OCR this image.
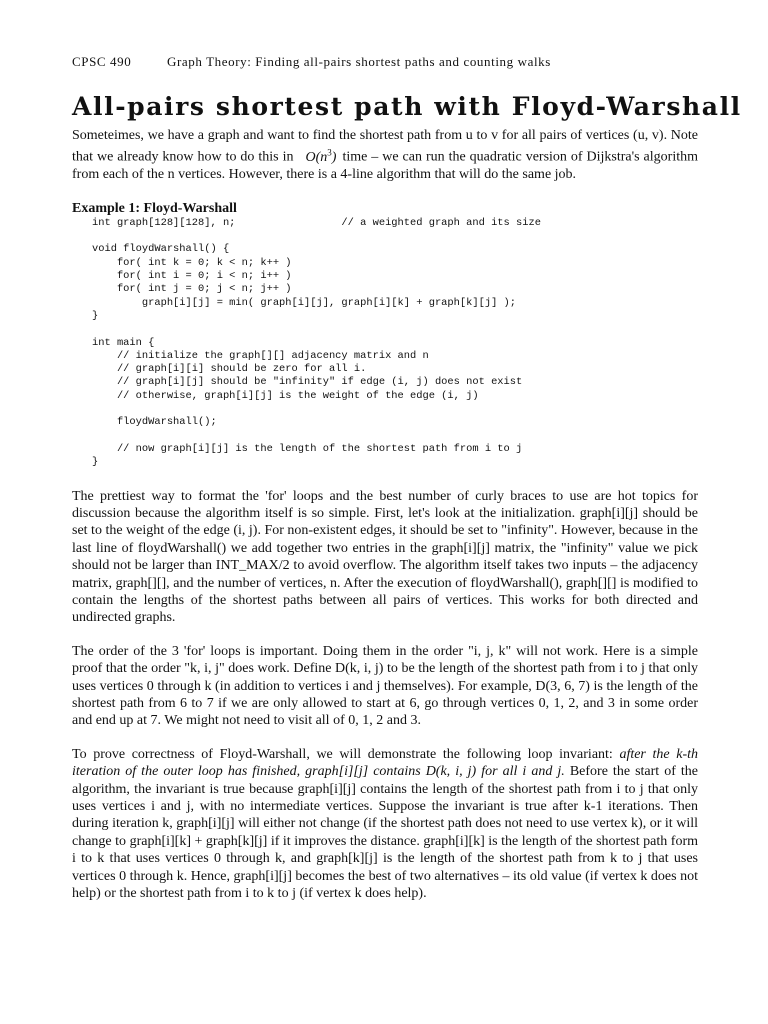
CPSC 490	Graph Theory: Finding all-pairs shortest paths and counting walks
All-pairs shortest path with Floyd-Warshall

Someteimes, we have a graph and want to find the shortest path from u to v for all pairs of vertices (u, v). Note that we already know how to do this in $O(n^3)$ time – we can run the quadratic version of Dijkstra's algorithm from each of the n vertices. However, there is a 4-line algorithm that will do the same job.

Example 1: Floyd-Warshall
int graph[128][128], n;                 // a weighted graph and its size

void floydWarshall() {
for( int k = 0; k < n; k++ )
for( int i = 0; i < n; i++ )
for( int j = 0; j < n; j++ )
graph[i][j] = min( graph[i][j], graph[i][k] + graph[k][j] );
}

int main {
// initialize the graph[][] adjacency matrix and n
// graph[i][i] should be zero for all i.
// graph[i][j] should be "infinity" if edge (i, j) does not exist
// otherwise, graph[i][j] is the weight of the edge (i, j)

floydWarshall();

// now graph[i][j] is the length of the shortest path from i to j
}

The prettiest way to format the 'for' loops and the best number of curly braces to use are hot topics for discussion because the algorithm itself is so simple. First, let's look at the initialization. graph[i][j] should be set to the weight of the edge (i, j). For non-existent edges, it should be set to "infinity". However, because in the last line of floydWarshall() we add together two entries in the graph[i][j] matrix, the "infinity" value we pick should not be larger than INT_MAX/2 to avoid overflow. The algorithm itself takes two inputs – the adjacency matrix, graph[][], and the number of vertices, n. After the execution of floydWarshall(), graph[][] is modified to contain the lengths of the shortest paths between all pairs of vertices. This works for both directed and undirected graphs.

The order of the 3 'for' loops is important. Doing them in the order "i, j, k" will not work. Here is a simple proof that the order "k, i, j" does work. Define D(k, i, j) to be the length of the shortest path from i to j that only uses vertices 0 through k (in addition to vertices i and j themselves). For example, D(3, 6, 7) is the length of the shortest path from 6 to 7 if we are only allowed to start at 6, go through vertices 0, 1, 2, and 3 in some order and end up at 7. We might not need to visit all of 0, 1, 2 and 3.

To prove correctness of Floyd-Warshall, we will demonstrate the following loop invariant: after the k-th iteration of the outer loop has finished, graph[i][j] contains D(k, i, j) for all i and j. Before the start of the algorithm, the invariant is true because graph[i][j] contains the length of the shortest path from i to j that only uses vertices i and j, with no intermediate vertices. Suppose the invariant is true after k-1 iterations. Then during iteration k, graph[i][j] will either not change (if the shortest path does not need to use vertex k), or it will change to graph[i][k] + graph[k][j] if it improves the distance. graph[i][k] is the length of the shortest path form i to k that uses vertices 0 through k, and graph[k][j] is the length of the shortest path from k to j that uses vertices 0 through k. Hence, graph[i][j] becomes the best of two alternatives – its old value (if vertex k does not help) or the shortest path from i to k to j (if vertex k does help).
